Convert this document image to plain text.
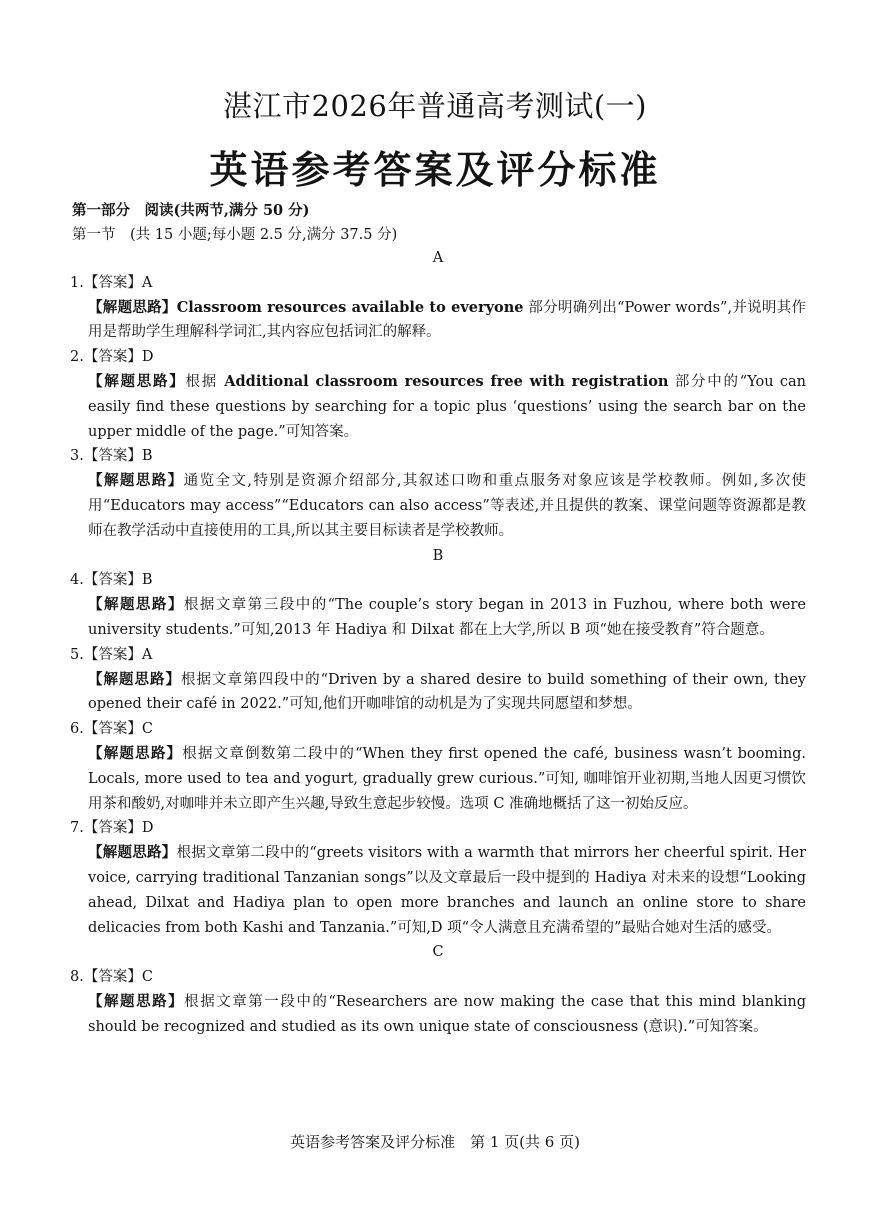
湛江市2026年普通高考测试(一)
英语参考答案及评分标准
第一部分　阅读(共两节,满分 50 分)
第一节　(共 15 小题;每小题 2.5 分,满分 37.5 分)
A
1.【答案】A
【解题思路】Classroom resources available to everyone 部分明确列出“Power words”,并说明其作用是帮助学生理解科学词汇,其内容应包括词汇的解释。
2.【答案】D
【解题思路】根据 Additional classroom resources free with registration 部分中的“You can easily find these questions by searching for a topic plus ‘questions’ using the search bar on the upper middle of the page.”可知答案。
3.【答案】B
【解题思路】通览全文,特别是资源介绍部分,其叙述口吻和重点服务对象应该是学校教师。例如,多次使用“Educators may access”“Educators can also access”等表述,并且提供的教案、课堂问题等资源都是教师在教学活动中直接使用的工具,所以其主要目标读者是学校教师。
B
4.【答案】B
【解题思路】根据文章第三段中的“The couple’s story began in 2013 in Fuzhou, where both were university students.”可知,2013 年 Hadiya 和 Dilxat 都在上大学,所以 B 项“她在接受教育”符合题意。
5.【答案】A
【解题思路】根据文章第四段中的“Driven by a shared desire to build something of their own, they opened their café in 2022.”可知,他们开咖啡馆的动机是为了实现共同愿望和梦想。
6.【答案】C
【解题思路】根据文章倒数第二段中的“When they first opened the café, business wasn’t booming. Locals, more used to tea and yogurt, gradually grew curious.”可知, 咖啡馆开业初期,当地人因更习惯饮用茶和酸奶,对咖啡并未立即产生兴趣,导致生意起步较慢。选项 C 准确地概括了这一初始反应。
7.【答案】D
【解题思路】根据文章第二段中的“greets visitors with a warmth that mirrors her cheerful spirit. Her voice, carrying traditional Tanzanian songs”以及文章最后一段中提到的 Hadiya 对未来的设想“Looking ahead, Dilxat and Hadiya plan to open more branches and launch an online store to share delicacies from both Kashi and Tanzania.”可知,D 项“令人满意且充满希望的”最贴合她对生活的感受。
C
8.【答案】C
【解题思路】根据文章第一段中的“Researchers are now making the case that this mind blanking should be recognized and studied as its own unique state of consciousness (意识).”可知答案。
英语参考答案及评分标准　第 1 页(共 6 页)
